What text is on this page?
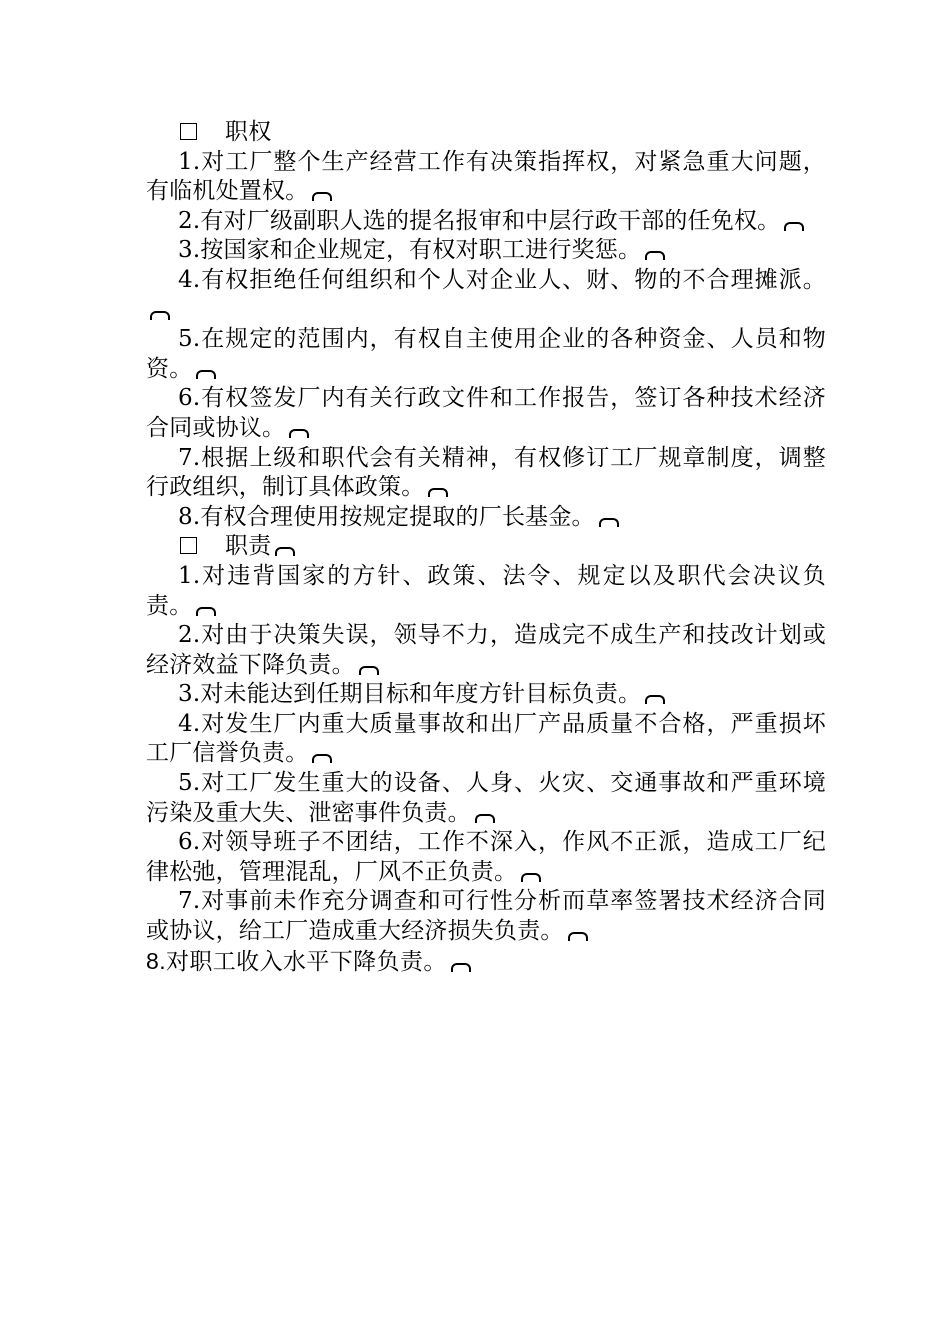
职权

1.对工厂整个生产经营工作有决策指挥权，对紧急重大问题，有临机处置权。

2.有对厂级副职人选的提名报审和中层行政干部的任免权。

3.按国家和企业规定，有权对职工进行奖惩。

4.有权拒绝任何组织和个人对企业人、财、物的不合理摊派。

5.在规定的范围内，有权自主使用企业的各种资金、人员和物资。

6.有权签发厂内有关行政文件和工作报告，签订各种技术经济合同或协议。

7.根据上级和职代会有关精神，有权修订工厂规章制度，调整行政组织，制订具体政策。

8.有权合理使用按规定提取的厂长基金。

职责

1.对违背国家的方针、政策、法令、规定以及职代会决议负责。

2.对由于决策失误，领导不力，造成完不成生产和技改计划或经济效益下降负责。

3.对未能达到任期目标和年度方针目标负责。

4.对发生厂内重大质量事故和出厂产品质量不合格，严重损坏工厂信誉负责。

5.对工厂发生重大的设备、人身、火灾、交通事故和严重环境污染及重大失、泄密事件负责。

6.对领导班子不团结，工作不深入，作风不正派，造成工厂纪律松弛，管理混乱，厂风不正负责。

7.对事前未作充分调查和可行性分析而草率签署技术经济合同或协议，给工厂造成重大经济损失负责。

8.对职工收入水平下降负责。
